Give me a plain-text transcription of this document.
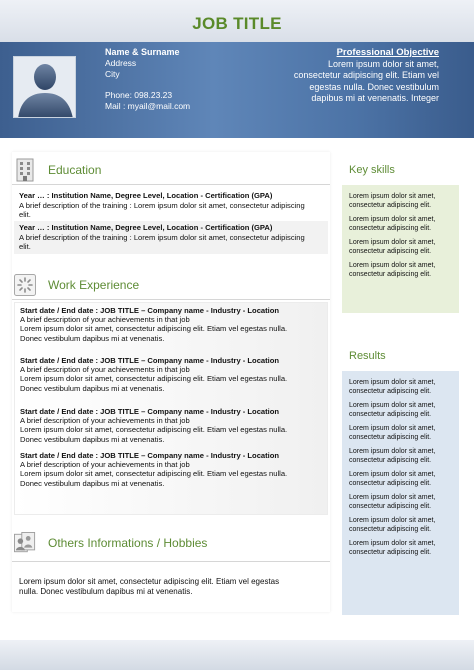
JOB TITLE
Name & Surname
Address
City
Phone: 098.23.23
Mail : myail@mail.com
Professional Objective
Lorem ipsum dolor sit amet,
consectetur adipiscing elit. Etiam vel
egestas nulla. Donec vestibulum
dapibus mi at venenatis. Integer
Education
Year … : Institution Name, Degree Level, Location - Certification (GPA)
A brief description of the training : Lorem ipsum dolor sit amet, consectetur adipiscing
elit.
Year … : Institution Name, Degree Level, Location - Certification (GPA)
A brief description of the training : Lorem ipsum dolor sit amet, consectetur adipiscing
elit.
Work Experience
Start date / End date : JOB TITLE – Company name - Industry - Location
A brief description of your achievements in that job
Lorem ipsum dolor sit amet, consectetur adipiscing elit. Etiam vel egestas nulla.
Donec vestibulum dapibus mi at venenatis.
Start date / End date : JOB TITLE – Company name - Industry - Location
A brief description of your achievements in that job
Lorem ipsum dolor sit amet, consectetur adipiscing elit. Etiam vel egestas nulla.
Donec vestibulum dapibus mi at venenatis.
Start date / End date : JOB TITLE – Company name - Industry - Location
A brief description of your achievements in that job
Lorem ipsum dolor sit amet, consectetur adipiscing elit. Etiam vel egestas nulla.
Donec vestibulum dapibus mi at venenatis.
Start date / End date : JOB TITLE – Company name - Industry - Location
A brief description of your achievements in that job
Lorem ipsum dolor sit amet, consectetur adipiscing elit. Etiam vel egestas nulla.
Donec vestibulum dapibus mi at venenatis.
Others Informations / Hobbies
Lorem ipsum dolor sit amet, consectetur adipiscing elit. Etiam vel egestas
nulla. Donec vestibulum dapibus mi at venenatis.
Key skills
Lorem ipsum dolor sit amet,
consectetur adipiscing elit.
Lorem ipsum dolor sit amet,
consectetur adipiscing elit.
Lorem ipsum dolor sit amet,
consectetur adipiscing elit.
Lorem ipsum dolor sit amet,
consectetur adipiscing elit.
Results
Lorem ipsum dolor sit amet,
consectetur adipiscing elit.
Lorem ipsum dolor sit amet,
consectetur adipiscing elit.
Lorem ipsum dolor sit amet,
consectetur adipiscing elit.
Lorem ipsum dolor sit amet,
consectetur adipiscing elit.
Lorem ipsum dolor sit amet,
consectetur adipiscing elit.
Lorem ipsum dolor sit amet,
consectetur adipiscing elit.
Lorem ipsum dolor sit amet,
consectetur adipiscing elit.
Lorem ipsum dolor sit amet,
consectetur adipiscing elit.
